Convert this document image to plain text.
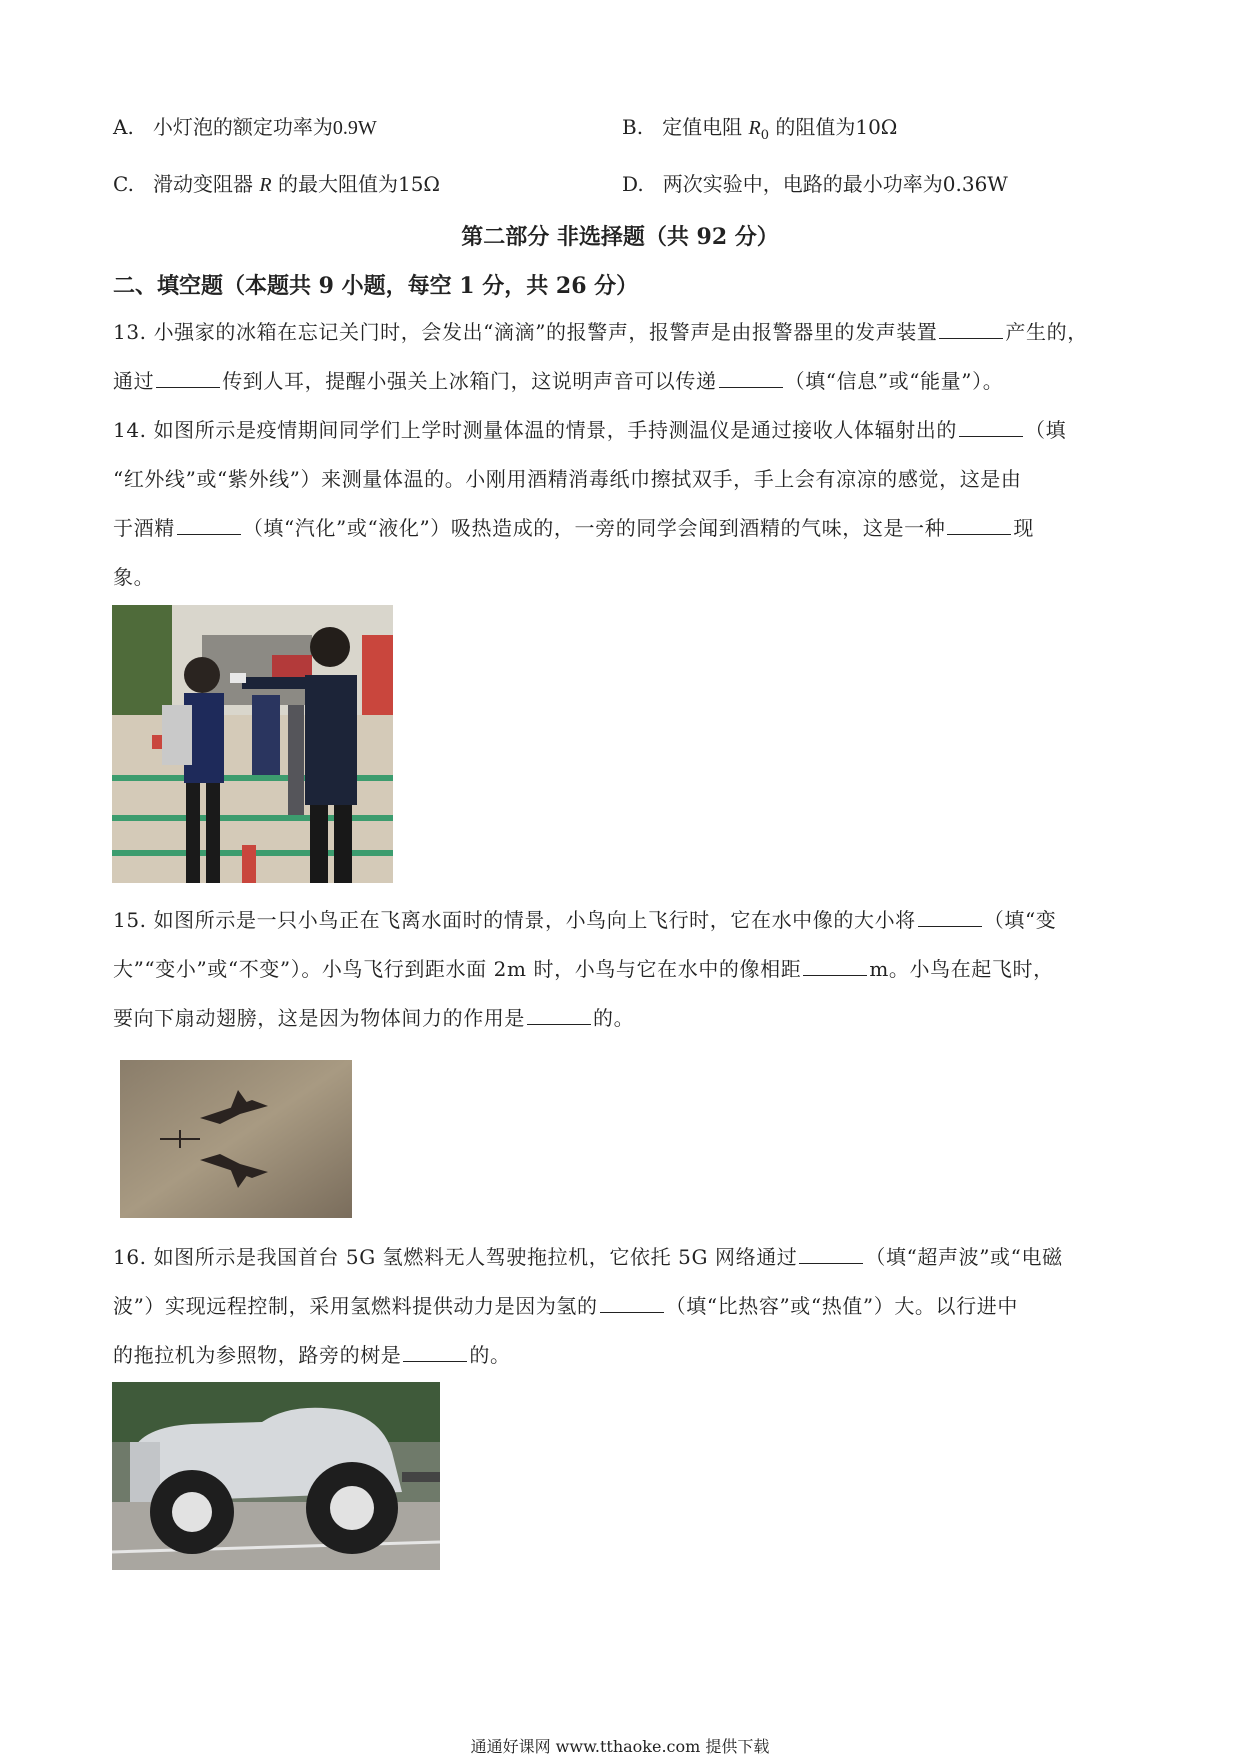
A. 小灯泡的额定功率为0.9W	B. 定值电阻 $R_0$ 的阻值为10Ω
C. 滑动变阻器 R 的最大阻值为15Ω	D. 两次实验中，电路的最小功率为0.36W
第二部分 非选择题（共 92 分）
二、填空题（本题共 9 小题，每空 1 分，共 26 分）
13. 小强家的冰箱在忘记关门时，会发出“滴滴”的报警声，报警声是由报警器里的发声装置	产生的，
通过	传到人耳，提醒小强关上冰箱门，这说明声音可以传递	（填“信息”或“能量”）。
14. 如图所示是疫情期间同学们上学时测量体温的情景，手持测温仪是通过接收人体辐射出的	（填
“红外线”或“紫外线”）来测量体温的。小刚用酒精消毒纸巾擦拭双手，手上会有凉凉的感觉，这是由
于酒精	（填“汽化”或“液化”）吸热造成的，一旁的同学会闻到酒精的气味，这是一种	现
象。
15. 如图所示是一只小鸟正在飞离水面时的情景，小鸟向上飞行时，它在水中像的大小将	（填“变
大”“变小”或“不变”）。小鸟飞行到距水面 2m 时，小鸟与它在水中的像相距	m。小鸟在起飞时，
要向下扇动翅膀，这是因为物体间力的作用是	的。
16. 如图所示是我国首台 5G 氢燃料无人驾驶拖拉机，它依托 5G 网络通过	（填“超声波”或“电磁
波”）实现远程控制，采用氢燃料提供动力是因为氢的	（填“比热容”或“热值”）大。以行进中
的拖拉机为参照物，路旁的树是	的。
通通好课网 www.tthaoke.com 提供下载
